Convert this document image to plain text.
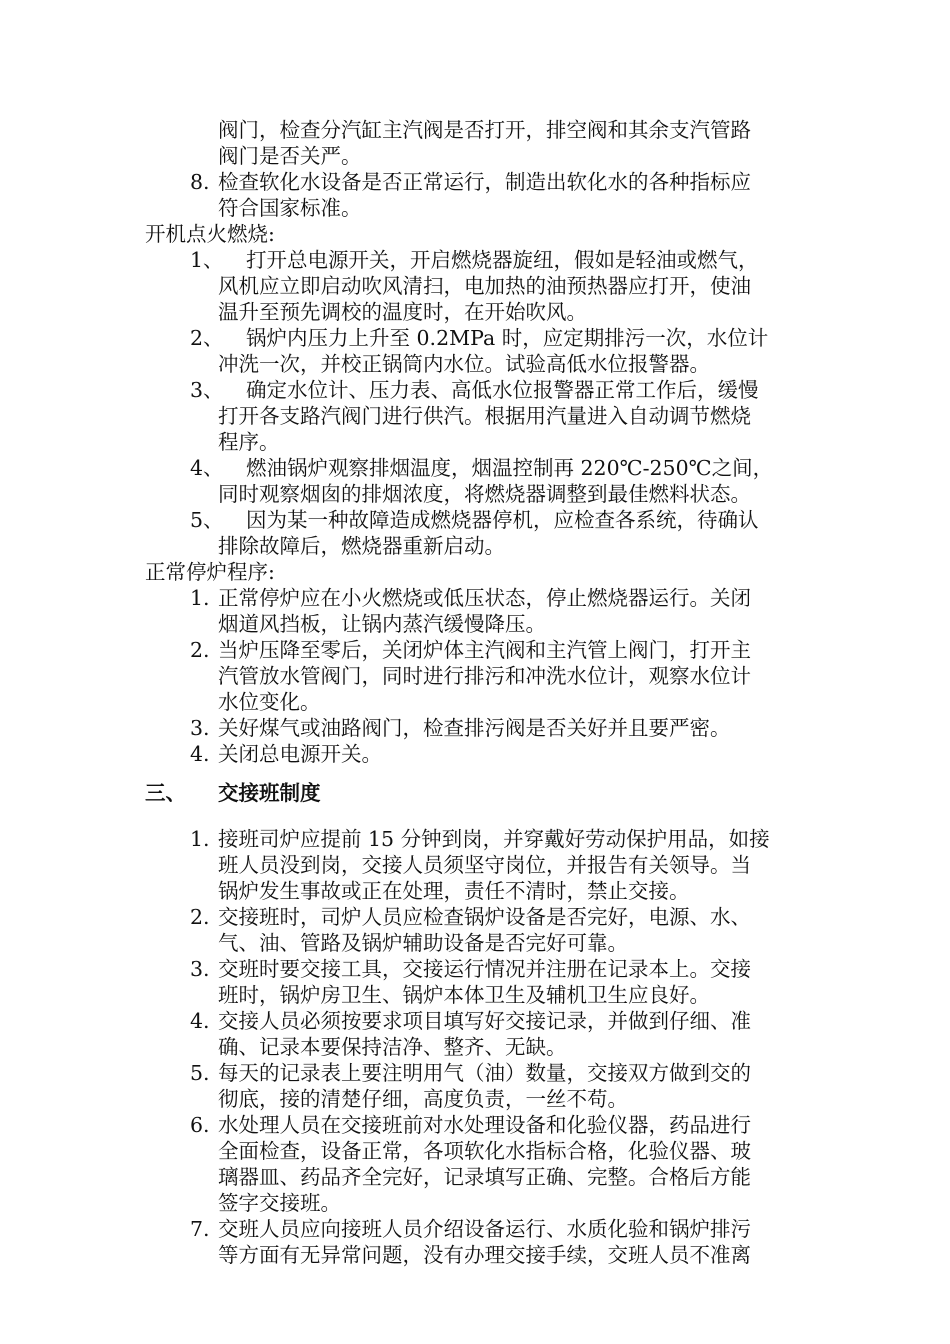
阀门，检查分汽缸主汽阀是否打开，排空阀和其余支汽管路
阀门是否关严。
8. 检查软化水设备是否正常运行，制造出软化水的各种指标应
符合国家标准。
开机点火燃烧:
1、 打开总电源开关，开启燃烧器旋纽，假如是轻油或燃气，
风机应立即启动吹风清扫，电加热的油预热器应打开，使油
温升至预先调校的温度时，在开始吹风。
2、 锅炉内压力上升至 0.2MPa 时，应定期排污一次，水位计
冲洗一次，并校正锅筒内水位。试验高低水位报警器。
3、 确定水位计、压力表、高低水位报警器正常工作后，缓慢
打开各支路汽阀门进行供汽。根据用汽量进入自动调节燃烧
程序。
4、 燃油锅炉观察排烟温度，烟温控制再 220℃-250℃之间，
同时观察烟囱的排烟浓度，将燃烧器调整到最佳燃料状态。
5、 因为某一种故障造成燃烧器停机，应检查各系统，待确认
排除故障后，燃烧器重新启动。
正常停炉程序:
1. 正常停炉应在小火燃烧或低压状态，停止燃烧器运行。关闭
烟道风挡板，让锅内蒸汽缓慢降压。
2. 当炉压降至零后，关闭炉体主汽阀和主汽管上阀门，打开主
汽管放水管阀门，同时进行排污和冲洗水位计，观察水位计
水位变化。
3. 关好煤气或油路阀门，检查排污阀是否关好并且要严密。
4. 关闭总电源开关。
三、 交接班制度
1. 接班司炉应提前 15 分钟到岗，并穿戴好劳动保护用品，如接
班人员没到岗，交接人员须坚守岗位，并报告有关领导。当
锅炉发生事故或正在处理，责任不清时，禁止交接。
2. 交接班时，司炉人员应检查锅炉设备是否完好，电源、水、
气、油、管路及锅炉辅助设备是否完好可靠。
3. 交班时要交接工具，交接运行情况并注册在记录本上。交接
班时，锅炉房卫生、锅炉本体卫生及辅机卫生应良好。
4. 交接人员必须按要求项目填写好交接记录，并做到仔细、准
确、记录本要保持洁净、整齐、无缺。
5. 每天的记录表上要注明用气（油）数量，交接双方做到交的
彻底，接的清楚仔细，高度负责，一丝不苟。
6. 水处理人员在交接班前对水处理设备和化验仪器，药品进行
全面检查，设备正常，各项软化水指标合格，化验仪器、玻
璃器皿、药品齐全完好，记录填写正确、完整。合格后方能
签字交接班。
7. 交班人员应向接班人员介绍设备运行、水质化验和锅炉排污
等方面有无异常问题，没有办理交接手续，交班人员不准离
